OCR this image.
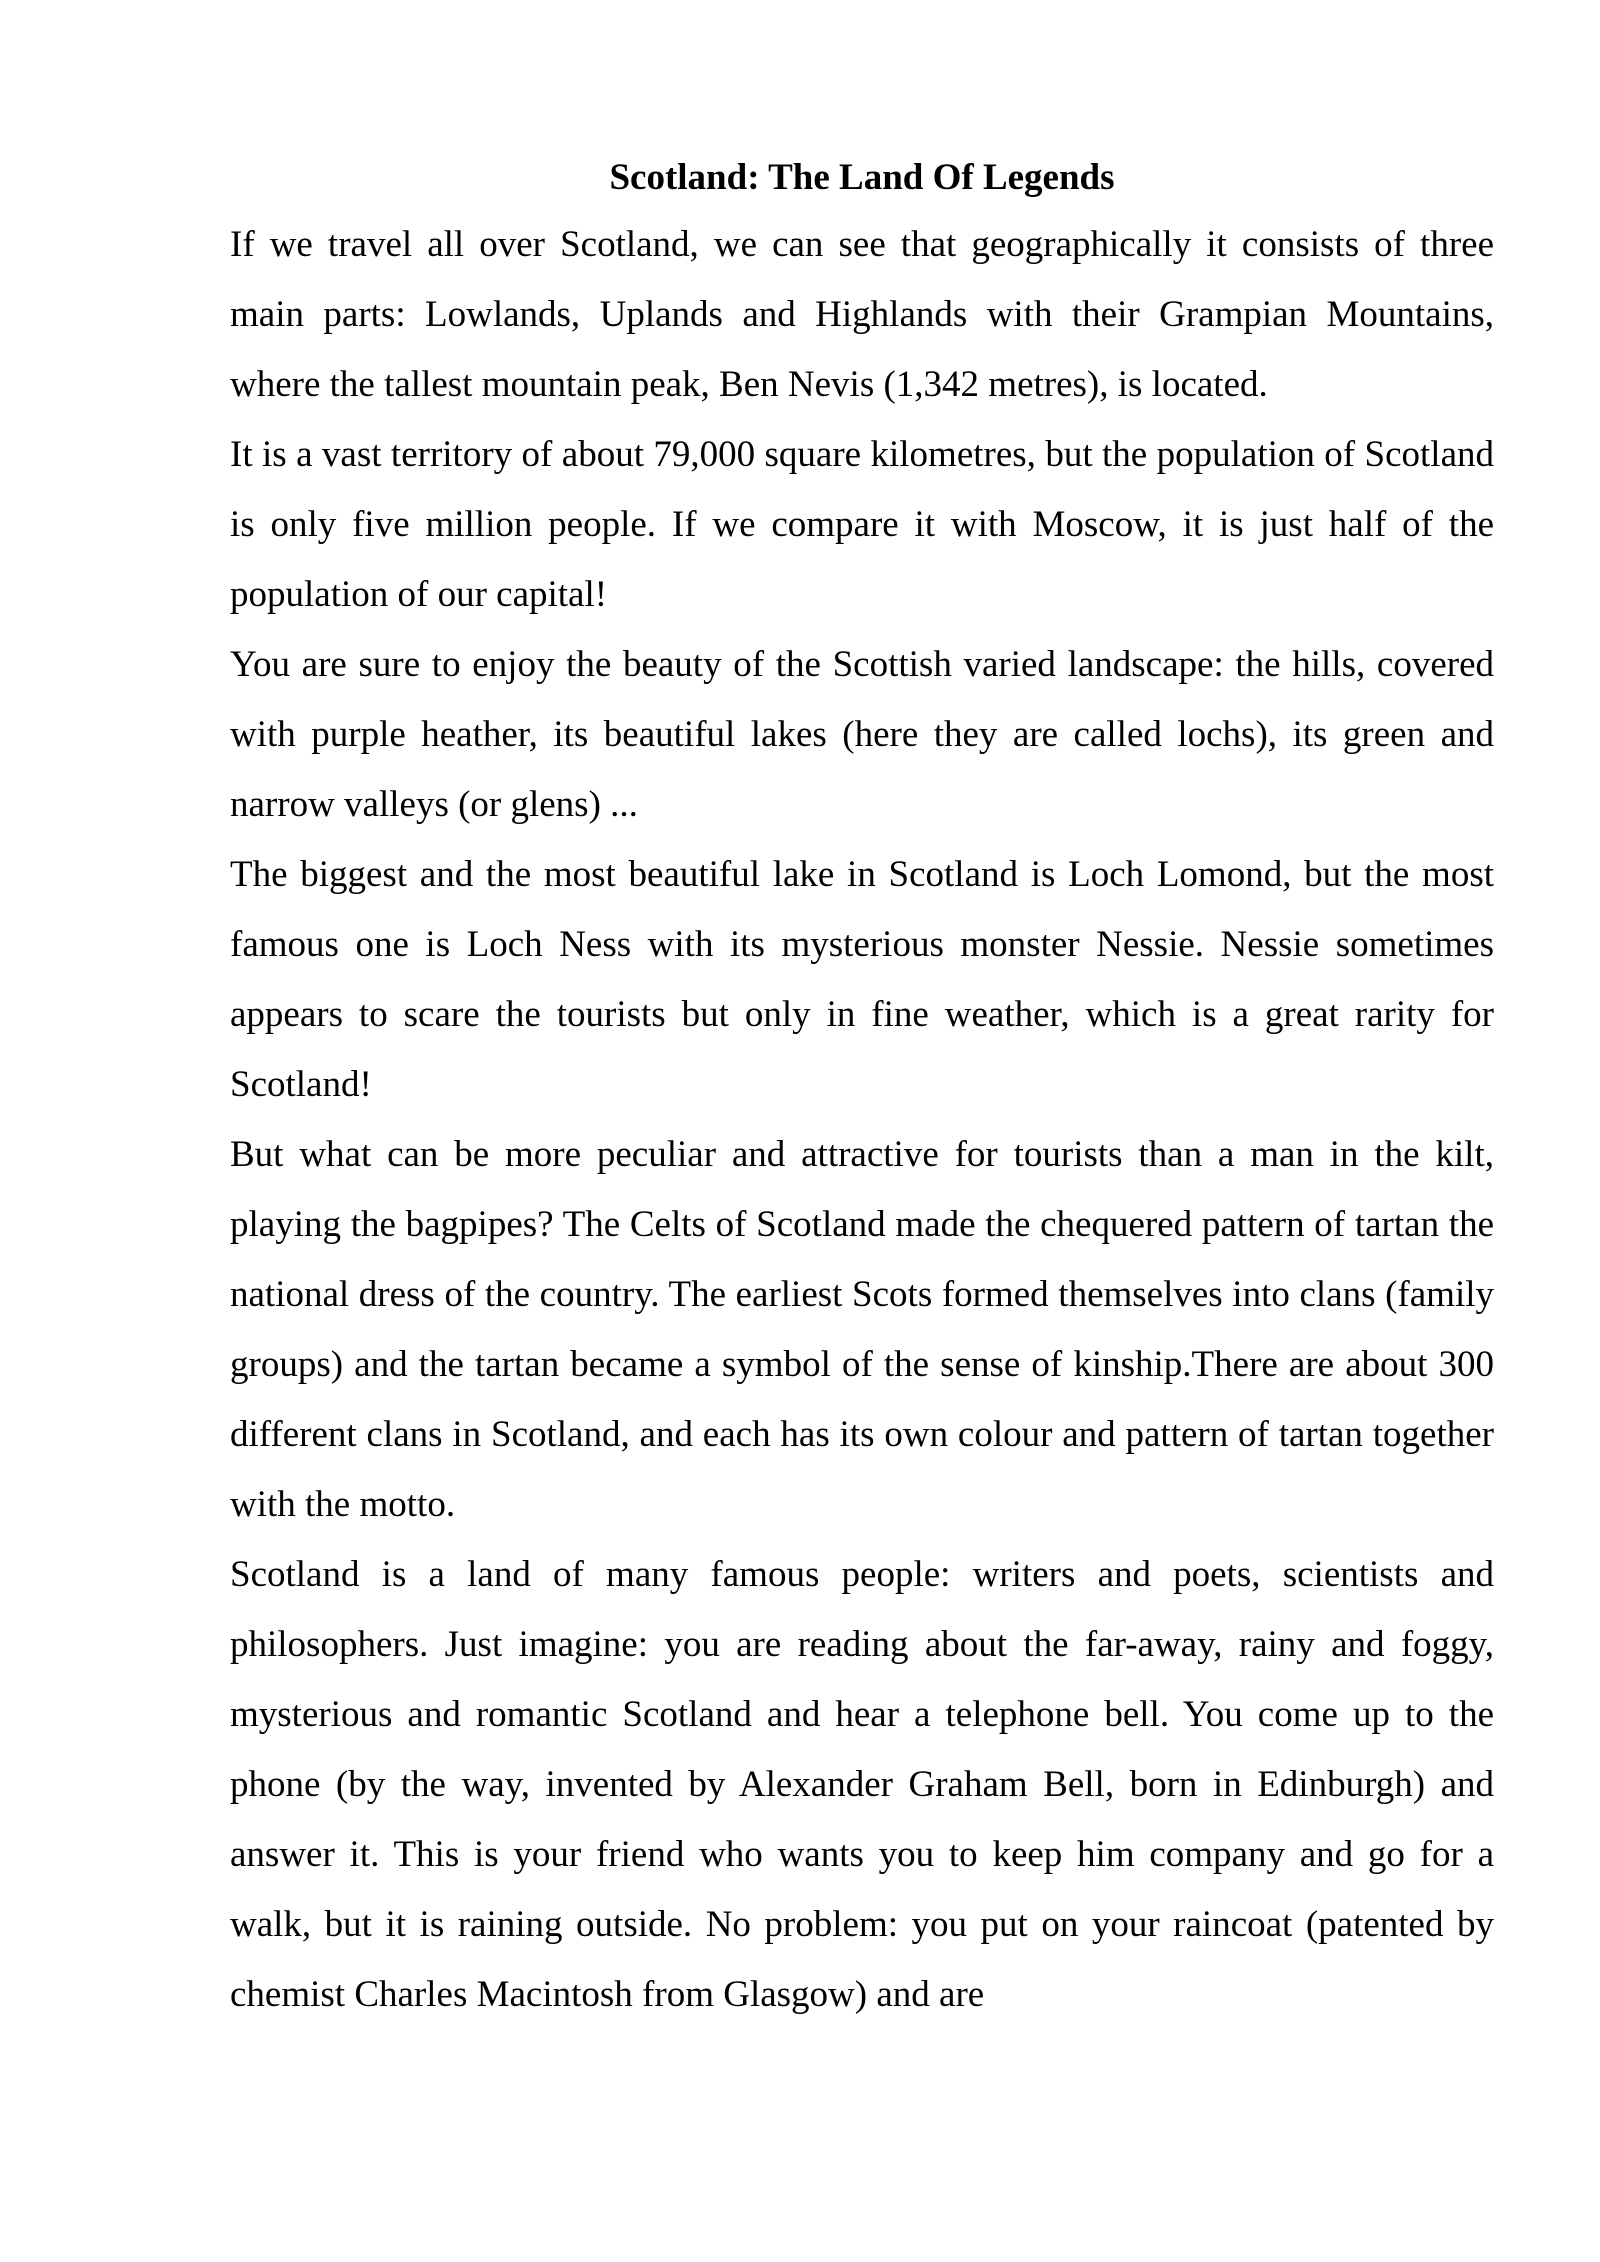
Scotland: The Land Of Legends

If we travel all over Scotland, we can see that geographically it consists of three main parts: Lowlands, Uplands and Highlands with their Grampian Mountains, where the tallest mountain peak, Ben Nevis (1,342 metres), is located.

It is a vast territory of about 79,000 square kilometres, but the population of Scotland is only five million people. If we compare it with Moscow, it is just half of the population of our capital!

You are sure to enjoy the beauty of the Scottish varied landscape: the hills, covered with purple heather, its beautiful lakes (here they are called lochs), its green and narrow valleys (or glens) ...

The biggest and the most beautiful lake in Scotland is Loch Lomond, but the most famous one is Loch Ness with its mysterious monster Nessie. Nessie sometimes appears to scare the tourists but only in fine weather, which is a great rarity for Scotland!

But what can be more peculiar and attractive for tourists than a man in the kilt, playing the bagpipes? The Celts of Scotland made the chequered pattern of tartan the national dress of the country. The earliest Scots formed themselves into clans (family groups) and the tartan became a symbol of the sense of kinship.There are about 300 different clans in Scotland, and each has its own colour and pattern of tartan together with the motto.

Scotland is a land of many famous people: writers and poets, scientists and philosophers. Just imagine: you are reading about the far-away, rainy and foggy, mysterious and romantic Scotland and hear a telephone bell. You come up to the phone (by the way, invented by Alexander Graham Bell, born in Edinburgh) and answer it. This is your friend who wants you to keep him company and go for a walk, but it is raining outside. No problem: you put on your raincoat (patented by chemist Charles Macintosh from Glasgow) and are
